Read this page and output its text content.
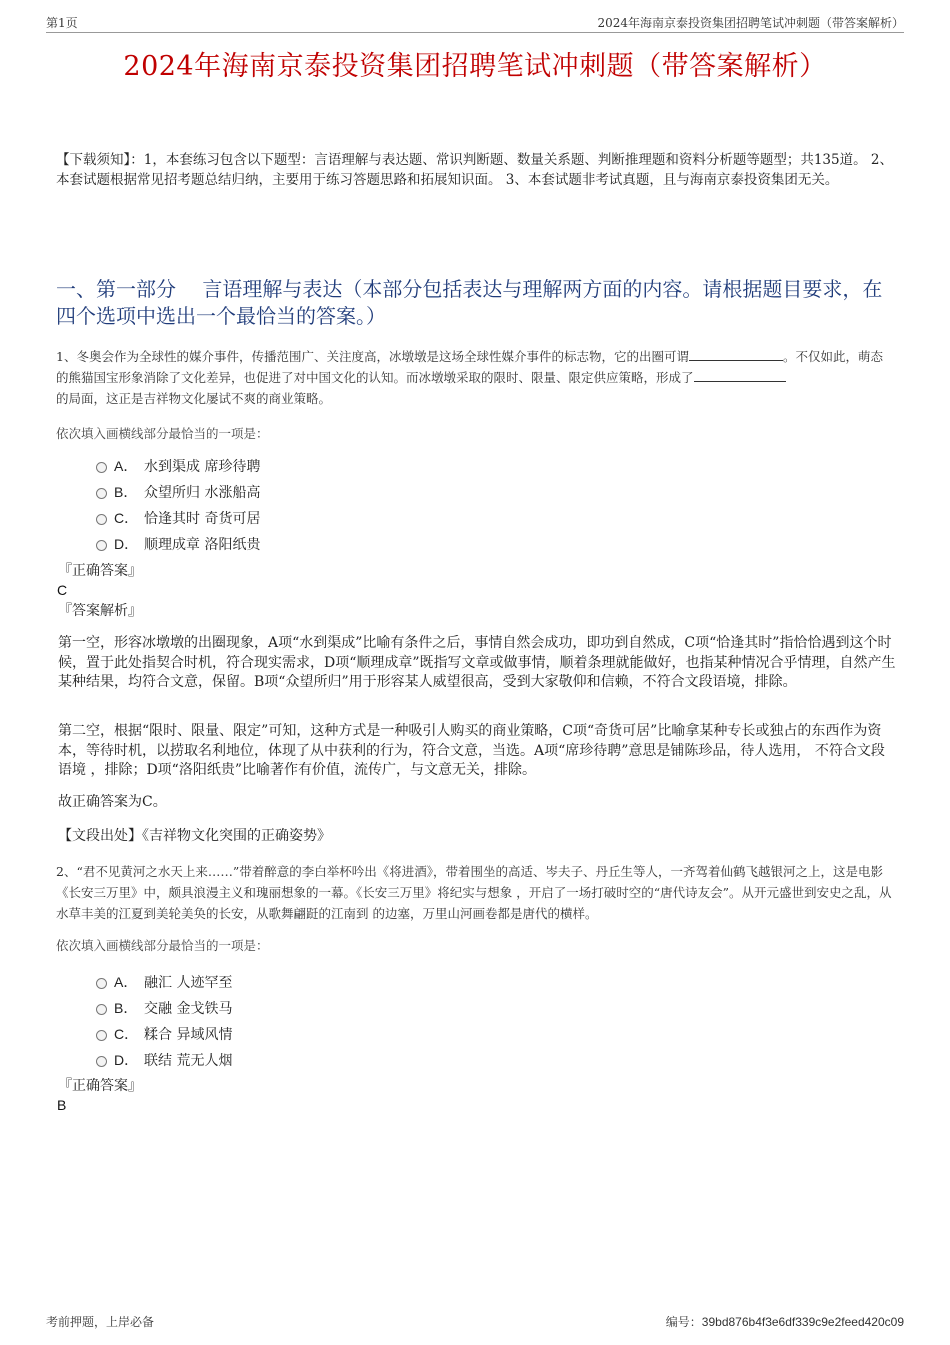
第1页	2024年海南京泰投资集团招聘笔试冲刺题（带答案解析）
2024年海南京泰投资集团招聘笔试冲刺题（带答案解析）
【下载须知】：1，本套练习包含以下题型：言语理解与表达题、常识判断题、数量关系题、判断推理题和资料分析题等题型；共135道。 2、本套试题根据常见招考题总结归纳，主要用于练习答题思路和拓展知识面。 3、本套试题非考试真题，且与海南京泰投资集团无关。
一、第一部分　 言语理解与表达（本部分包括表达与理解两方面的内容。请根据题目要求，在四个选项中选出一个最恰当的答案。）
1、冬奥会作为全球性的媒介事件，传播范围广、关注度高，冰墩墩是这场全球性媒介事件的标志物，它的出圈可谓	。不仅如此，萌态的熊猫国宝形象消除了文化差异，也促进了对中国文化的认知。而冰墩墩采取的限时、限量、限定供应策略，形成了
的局面，这正是吉祥物文化屡试不爽的商业策略。
依次填入画横线部分最恰当的一项是：
A． 水到渠成 席珍待聘
B． 众望所归 水涨船高
C． 恰逢其时 奇货可居
D． 顺理成章 洛阳纸贵
『正确答案』
C
『答案解析』

第一空，形容冰墩墩的出圈现象，A项“水到渠成”比喻有条件之后，事情自然会成功，即功到自然成，C项“恰逢其时”指恰恰遇到这个时候，置于此处指契合时机，符合现实需求，D项“顺理成章”既指写文章或做事情，顺着条理就能做好，也指某种情况合乎情理，自然产生某种结果，均符合文意，保留。B项“众望所归”用于形容某人威望很高，受到大家敬仰和信赖，不符合文段语境，排除。

第二空，根据“限时、限量、限定”可知，这种方式是一种吸引人购买的商业策略，C项“奇货可居”比喻拿某种专长或独占的东西作为资本，等待时机，以捞取名利地位，体现了从中获利的行为，符合文意，当选。A项“席珍待聘”意思是铺陈珍品，待人选用， 不符合文段语境 ，排除；D项“洛阳纸贵”比喻著作有价值，流传广，与文意无关，排除。

故正确答案为C。

【文段出处】《吉祥物文化突围的正确姿势》

2、“君不见黄河之水天上来……”带着醉意的李白举杯吟出《将进酒》，带着围坐的高适、岑夫子、丹丘生等人，一齐驾着仙鹤飞越银河之上，这是电影《长安三万里》中，颇具浪漫主义和瑰丽想象的一幕。《长安三万里》将纪实与想象 ，开启了一场打破时空的“唐代诗友会”。从开元盛世到安史之乱，从水草丰美的江夏到美轮美奂的长安，从歌舞翩跹的江南到 的边塞，万里山河画卷都是唐代的横样。
依次填入画横线部分最恰当的一项是：
A． 融汇 人迹罕至
B． 交融 金戈铁马
C． 糅合 异域风情
D． 联结 荒无人烟
『正确答案』
B
考前押题，上岸必备	编号：39bd876b4f3e6df339c9e2feed420c09
